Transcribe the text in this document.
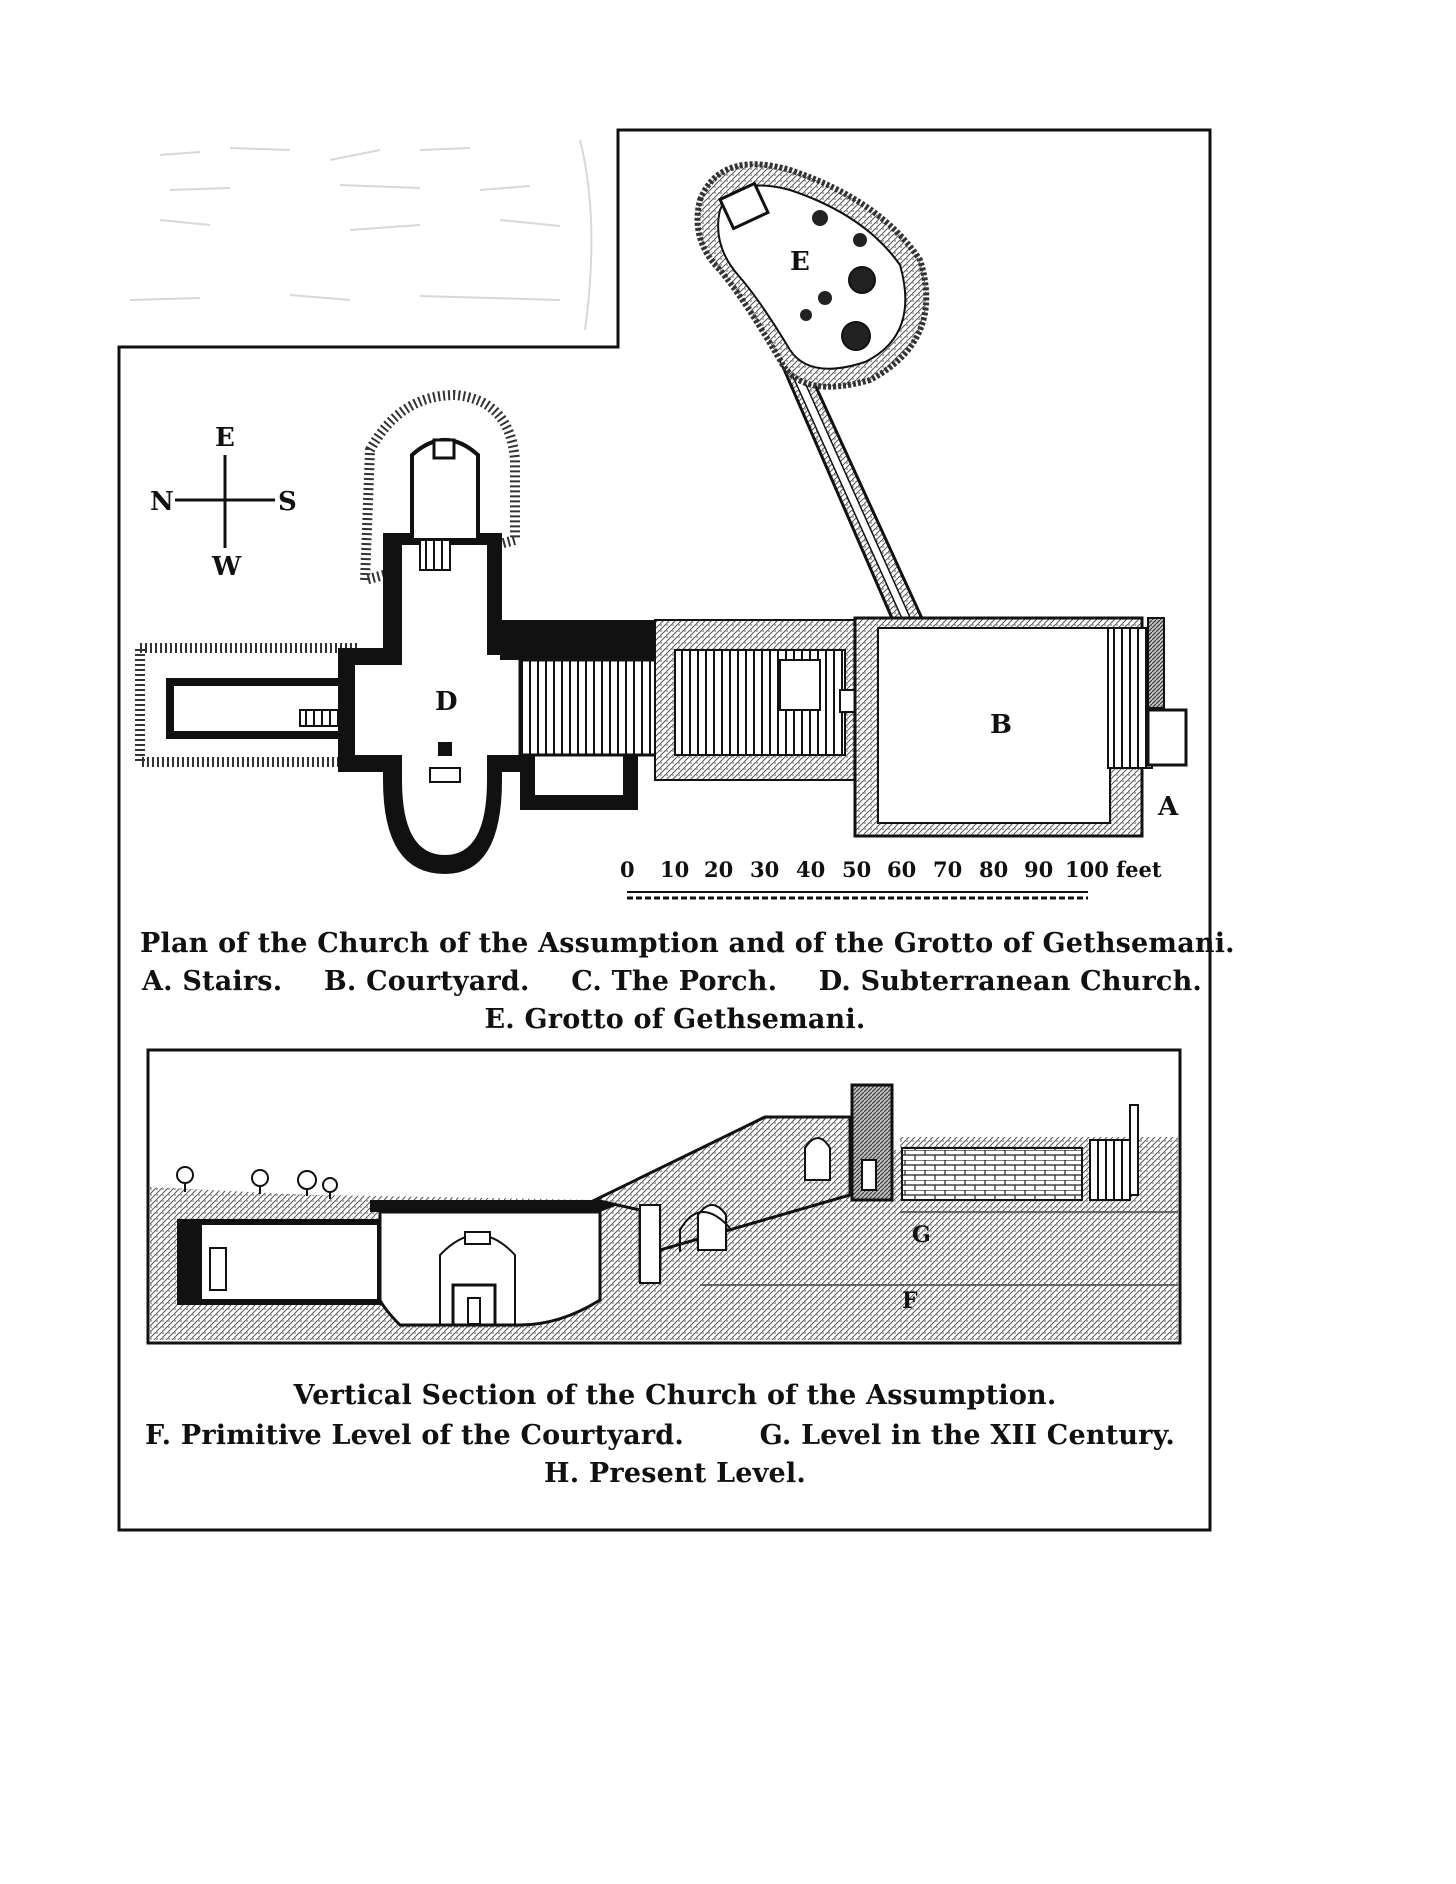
E
W
N	S
D
E
B
A
0 10 20 30 40 50 60 70 80 90 100 feet
G
F
Plan of the Church of the Assumption and of the Grotto of Gethsemani.
A. Stairs. B. Courtyard. C. The Porch. D. Subterranean Church.
E. Grotto of Gethsemani.
Vertical Section of the Church of the Assumption.
F. Primitive Level of the Courtyard.	G. Level in the XII Century.
H. Present Level.
